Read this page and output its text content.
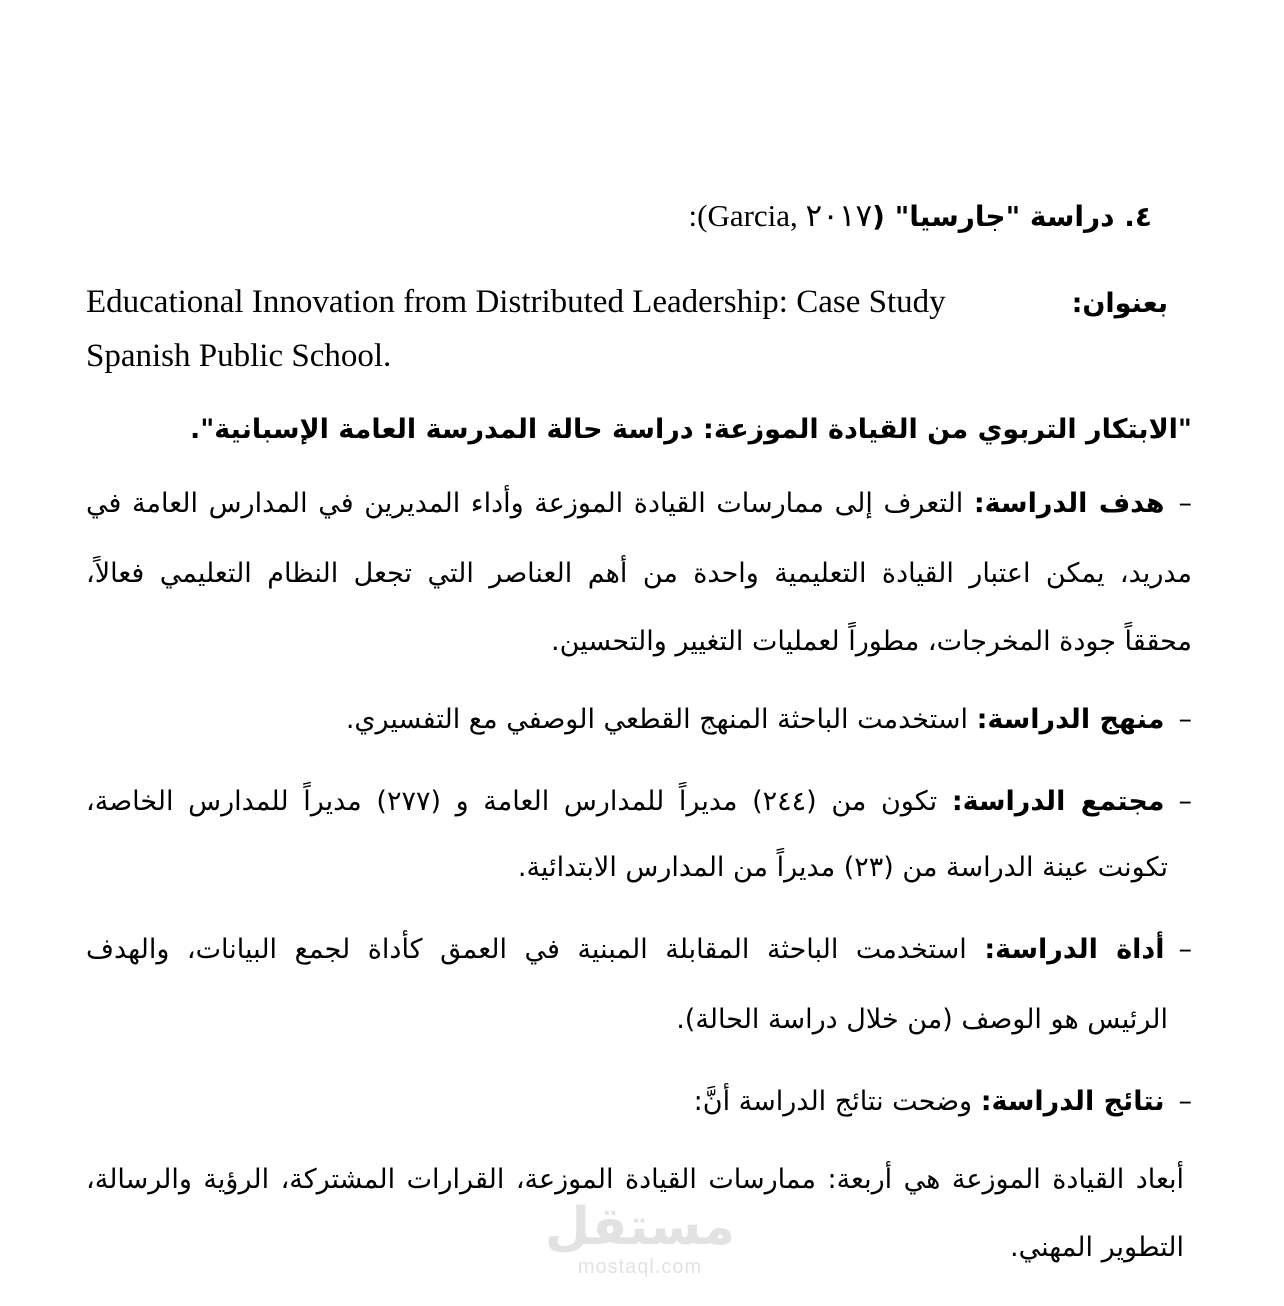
٤. دراسة "جارسيا" (Garcia, ٢٠١٧):
بعنوان:
Educational Innovation from Distributed Leadership: Case Study
Spanish Public School.
"الابتكار التربوي من القيادة الموزعة: دراسة حالة المدرسة العامة الإسبانية".
–هدف الدراسة: التعرف إلى ممارسات القيادة الموزعة وأداء المديرين في المدارس العامة في
مدريد، يمكن اعتبار القيادة التعليمية واحدة من أهم العناصر التي تجعل النظام التعليمي فعالاً،
محققاً جودة المخرجات، مطوراً لعمليات التغيير والتحسين.
–منهج الدراسة: استخدمت الباحثة المنهج القطعي الوصفي مع التفسيري.
–مجتمع الدراسة: تكون من (٢٤٤) مديراً للمدارس العامة و (٢٧٧) مديراً للمدارس الخاصة،
تكونت عينة الدراسة من (٢٣) مديراً من المدارس الابتدائية.
–أداة الدراسة: استخدمت الباحثة المقابلة المبنية في العمق كأداة لجمع البيانات، والهدف
الرئيس هو الوصف (من خلال دراسة الحالة).
–نتائج الدراسة: وضحت نتائج الدراسة أنَّ:
أبعاد القيادة الموزعة هي أربعة: ممارسات القيادة الموزعة، القرارات المشتركة، الرؤية والرسالة،
التطوير المهني.
مستقل
mostaql.com
